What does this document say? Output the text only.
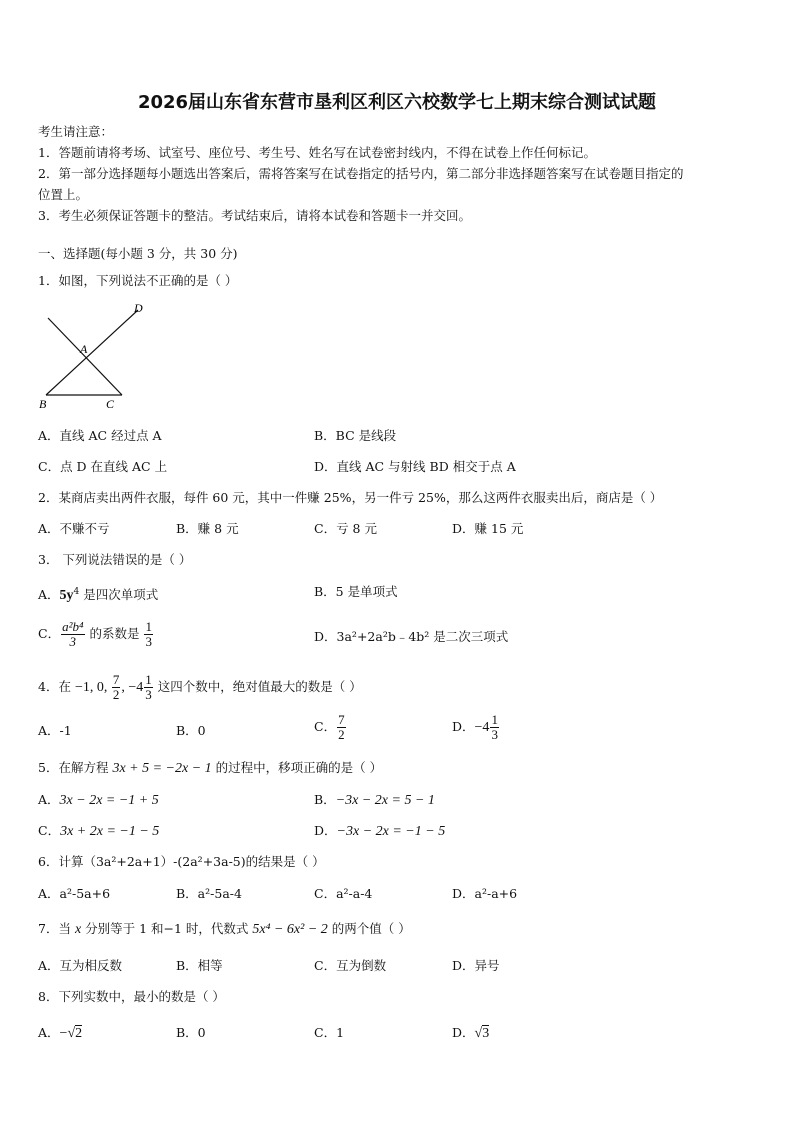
2026届山东省东营市垦利区利区六校数学七上期末综合测试试题
考生请注意：
1．答题前请将考场、试室号、座位号、考生号、姓名写在试卷密封线内，不得在试卷上作任何标记。
2．第一部分选择题每小题选出答案后，需将答案写在试卷指定的括号内，第二部分非选择题答案写在试卷题目指定的
位置上。
3．考生必须保证答题卡的整洁。考试结束后，请将本试卷和答题卡一并交回。
一、选择题(每小题 3 分，共 30 分)
1．如图，下列说法不正确的是（ ）
D
A
B	C
A．直线 AC 经过点 A	B．BC 是线段
C．点 D 在直线 AC 上	D．直线 AC 与射线 BD 相交于点 A
2．某商店卖出两件衣服，每件 60 元，其中一件赚 25%，另一件亏 25%，那么这两件衣服卖出后，商店是（ ）
A．不赚不亏	B．赚 8 元	C．亏 8 元	D．赚 15 元
3． 下列说法错误的是（ ）
A．$5y^4$ 是四次单项式	B．5 是单项式
C． $\frac{\text{a²b⁴}}{3}$ 的系数是 $\frac{1}{3}$	D．3a²+2a²b﹣4b² 是二次三项式
4．在 −1, 0, $\frac{7}{2}$ , $-4 \frac{1}{3}$ 这四个数中，绝对值最大的数是（ ）
A．-1	B．0	C． $\frac{7}{2}$	D．$-4 \frac{1}{3}$
5．在解方程 3x + 5 = −2x − 1 的过程中，移项正确的是（ ）
A．3x − 2x = −1 + 5	B．−3x − 2x = 5 − 1
C．3x + 2x = −1 − 5	D．−3x − 2x = −1 − 5
6．计算（3a²+2a+1）-(2a²+3a-5)的结果是（ ）
A．a²-5a+6	B．a²-5a-4	C．a²-a-4	D．a²-a+6
7．当 x 分别等于 1 和−1 时，代数式 5x⁴ − 6x² − 2 的两个值（ ）
A．互为相反数	B．相等	C．互为倒数	D．异号
8．下列实数中，最小的数是（ ）
A．−√2	B．0	C．1	D．√3
